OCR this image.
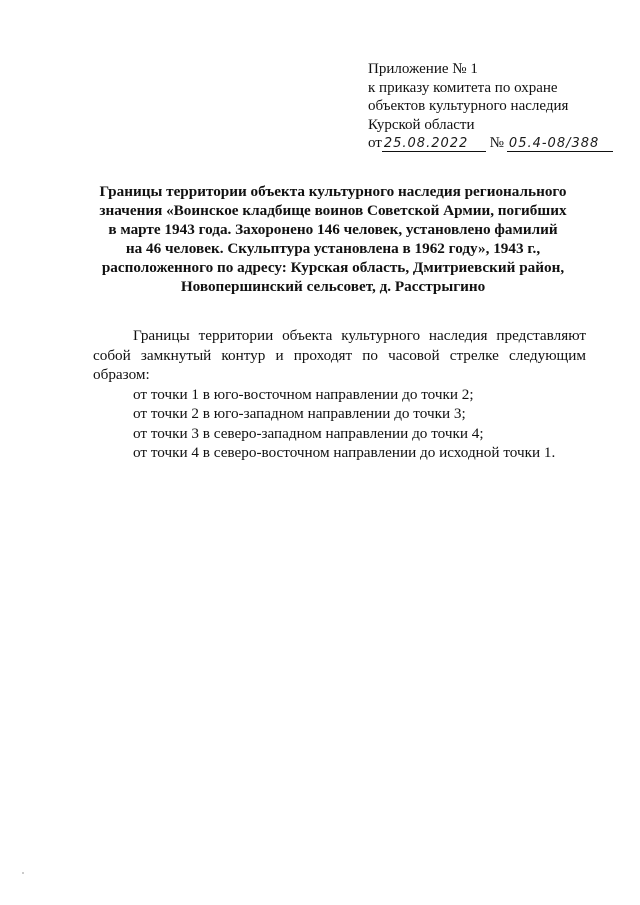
Приложение № 1
к приказу комитета по охране
объектов культурного наследия
Курской области
от 25.08.2022 № 05.4-08/388
Границы территории объекта культурного наследия регионального
значения «Воинское кладбище воинов Советской Армии, погибших
в марте 1943 года. Захоронено 146 человек, установлено фамилий
на 46 человек. Скульптура установлена в 1962 году», 1943 г.,
расположенного по адресу: Курская область, Дмитриевский район,
Новопершинский сельсовет, д. Расстрыгино

Границы территории объекта культурного наследия представляют собой замкнутый контур и проходят по часовой стрелке следующим образом:

от точки 1 в юго-восточном направлении до точки 2;

от точки 2 в юго-западном направлении до точки 3;

от точки 3 в северо-западном направлении до точки 4;

от точки 4 в северо-восточном направлении до исходной точки 1.
